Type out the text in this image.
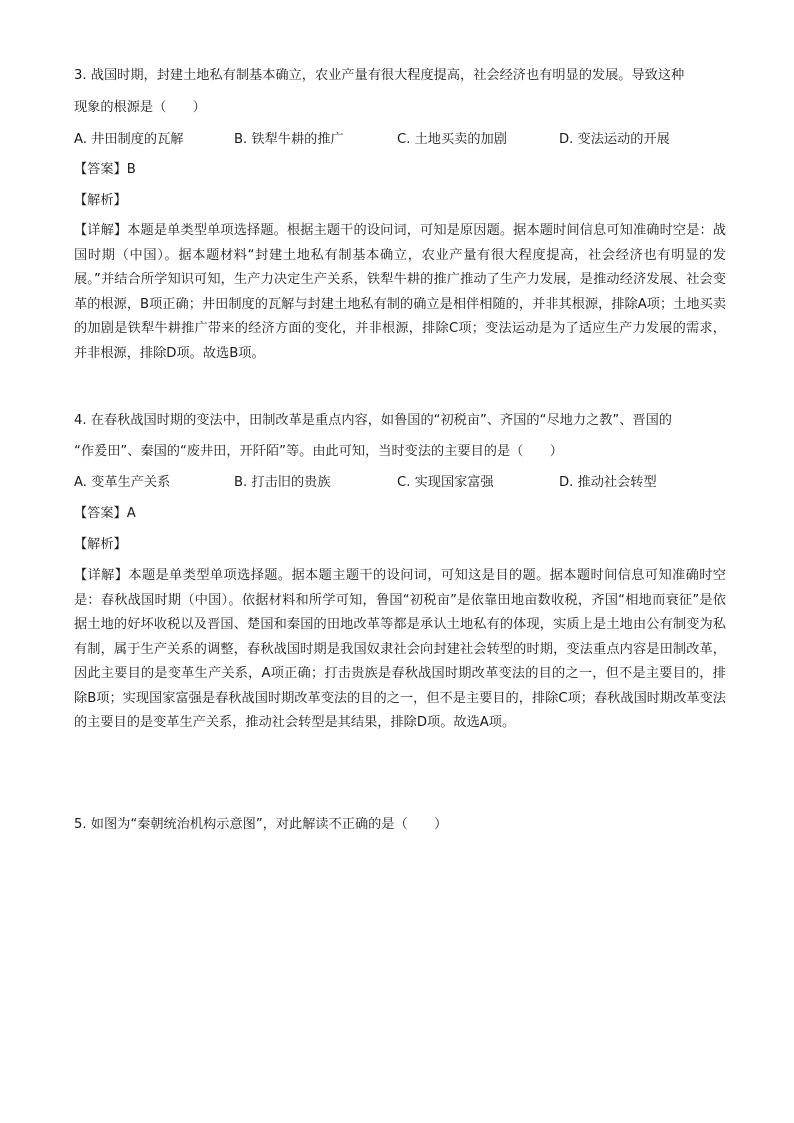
3. 战国时期，封建土地私有制基本确立，农业产量有很大程度提高，社会经济也有明显的发展。导致这种
现象的根源是（　　）
A. 井田制度的瓦解	B. 铁犁牛耕的推广	C. 土地买卖的加剧	D. 变法运动的开展
【答案】B
【解析】
【详解】本题是单类型单项选择题。根据主题干的设问词，可知是原因题。据本题时间信息可知准确时空是：战国时期（中国）。据本题材料“封建土地私有制基本确立，农业产量有很大程度提高，社会经济也有明显的发展。”并结合所学知识可知，生产力决定生产关系，铁犁牛耕的推广推动了生产力发展，是推动经济发展、社会变革的根源，B项正确；井田制度的瓦解与封建土地私有制的确立是相伴相随的，并非其根源，排除A项；土地买卖的加剧是铁犁牛耕推广带来的经济方面的变化，并非根源，排除C项；变法运动是为了适应生产力发展的需求，并非根源，排除D项。故选B项。
4. 在春秋战国时期的变法中，田制改革是重点内容，如鲁国的“初税亩”、齐国的“尽地力之教”、晋国的
“作爰田”、秦国的“废井田，开阡陌”等。由此可知，当时变法的主要目的是（　　）
A. 变革生产关系	B. 打击旧的贵族	C. 实现国家富强	D. 推动社会转型
【答案】A
【解析】
【详解】本题是单类型单项选择题。据本题主题干的设问词，可知这是目的题。据本题时间信息可知准确时空是：春秋战国时期（中国）。依据材料和所学可知，鲁国“初税亩”是依靠田地亩数收税，齐国“相地而衰征”是依据土地的好坏收税以及晋国、楚国和秦国的田地改革等都是承认土地私有的体现，实质上是土地由公有制变为私有制，属于生产关系的调整，春秋战国时期是我国奴隶社会向封建社会转型的时期，变法重点内容是田制改革，因此主要目的是变革生产关系，A项正确；打击贵族是春秋战国时期改革变法的目的之一，但不是主要目的，排除B项；实现国家富强是春秋战国时期改革变法的目的之一，但不是主要目的，排除C项；春秋战国时期改革变法的主要目的是变革生产关系，推动社会转型是其结果，排除D项。故选A项。
5. 如图为“秦朝统治机构示意图”，对此解读不正确的是（　　）
